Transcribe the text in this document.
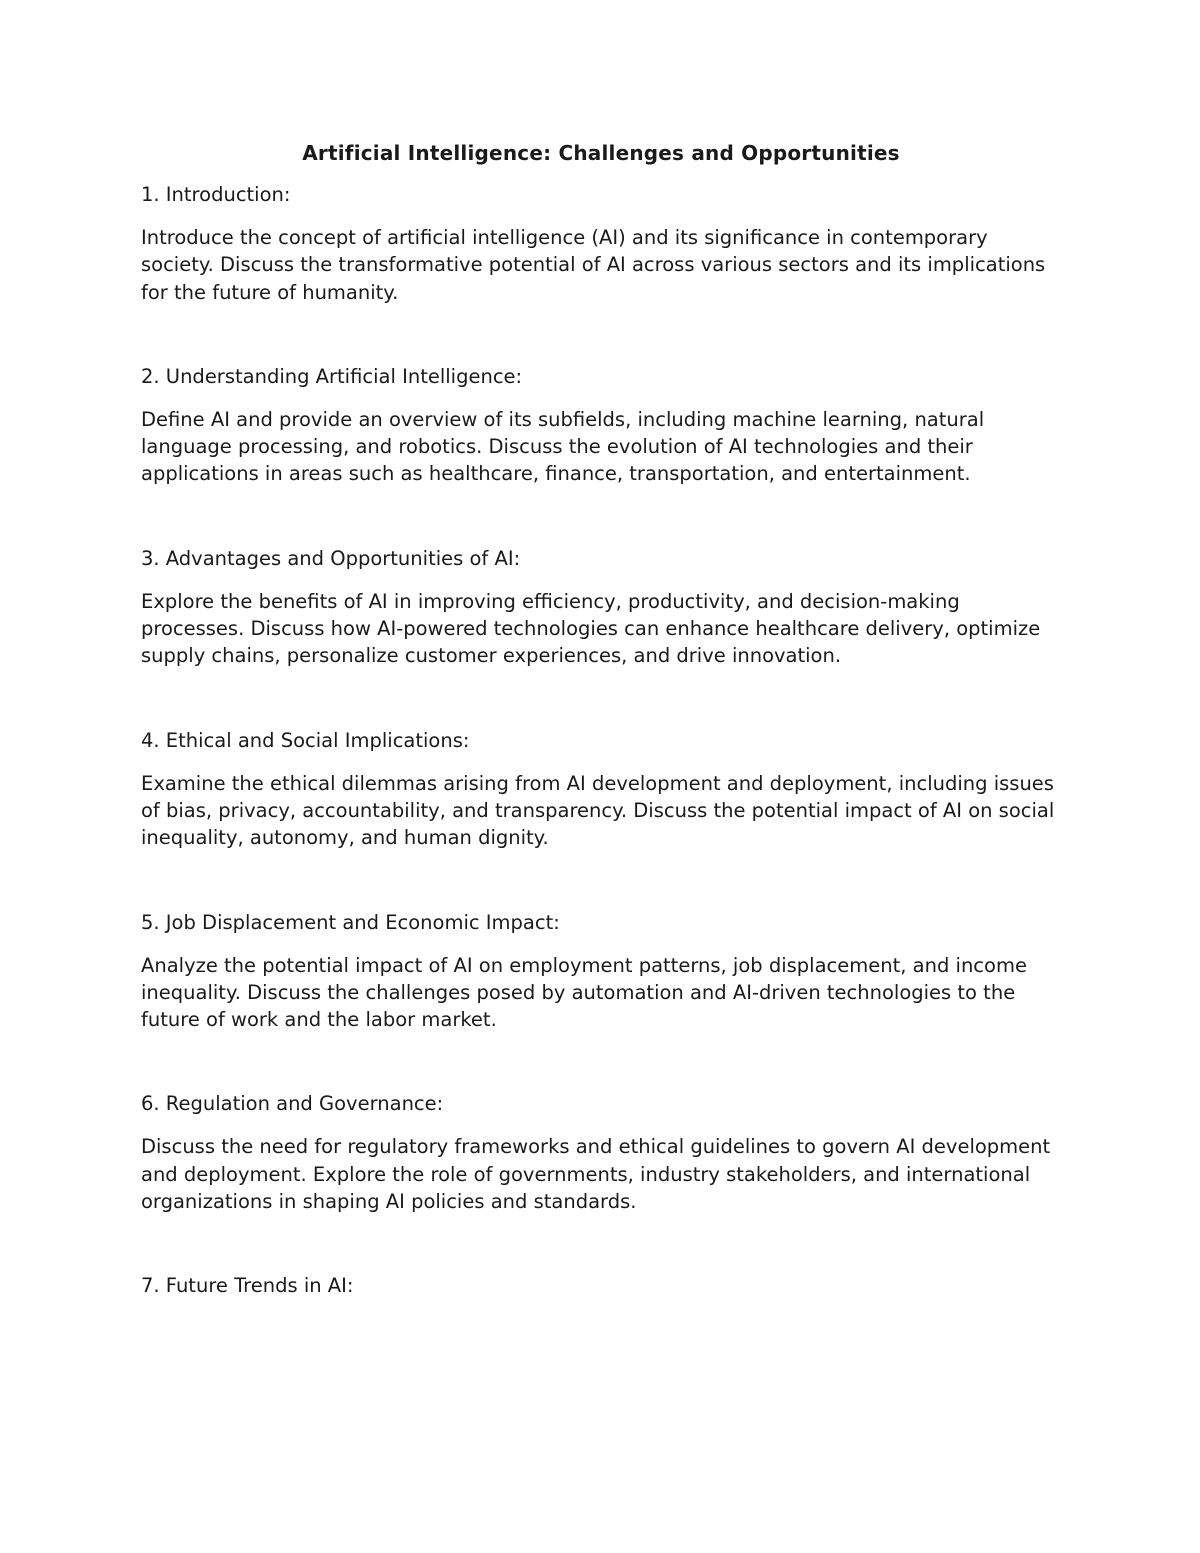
Artificial Intelligence: Challenges and Opportunities

1. Introduction:

Introduce the concept of artificial intelligence (AI) and its significance in contemporary society. Discuss the transformative potential of AI across various sectors and its implications for the future of humanity.

2. Understanding Artificial Intelligence:

Define AI and provide an overview of its subfields, including machine learning, natural language processing, and robotics. Discuss the evolution of AI technologies and their applications in areas such as healthcare, finance, transportation, and entertainment.

3. Advantages and Opportunities of AI:

Explore the benefits of AI in improving efficiency, productivity, and decision-making processes. Discuss how AI-powered technologies can enhance healthcare delivery, optimize supply chains, personalize customer experiences, and drive innovation.

4. Ethical and Social Implications:

Examine the ethical dilemmas arising from AI development and deployment, including issues of bias, privacy, accountability, and transparency. Discuss the potential impact of AI on social inequality, autonomy, and human dignity.

5. Job Displacement and Economic Impact:

Analyze the potential impact of AI on employment patterns, job displacement, and income inequality. Discuss the challenges posed by automation and AI-driven technologies to the future of work and the labor market.

6. Regulation and Governance:

Discuss the need for regulatory frameworks and ethical guidelines to govern AI development and deployment. Explore the role of governments, industry stakeholders, and international organizations in shaping AI policies and standards.

7. Future Trends in AI:
